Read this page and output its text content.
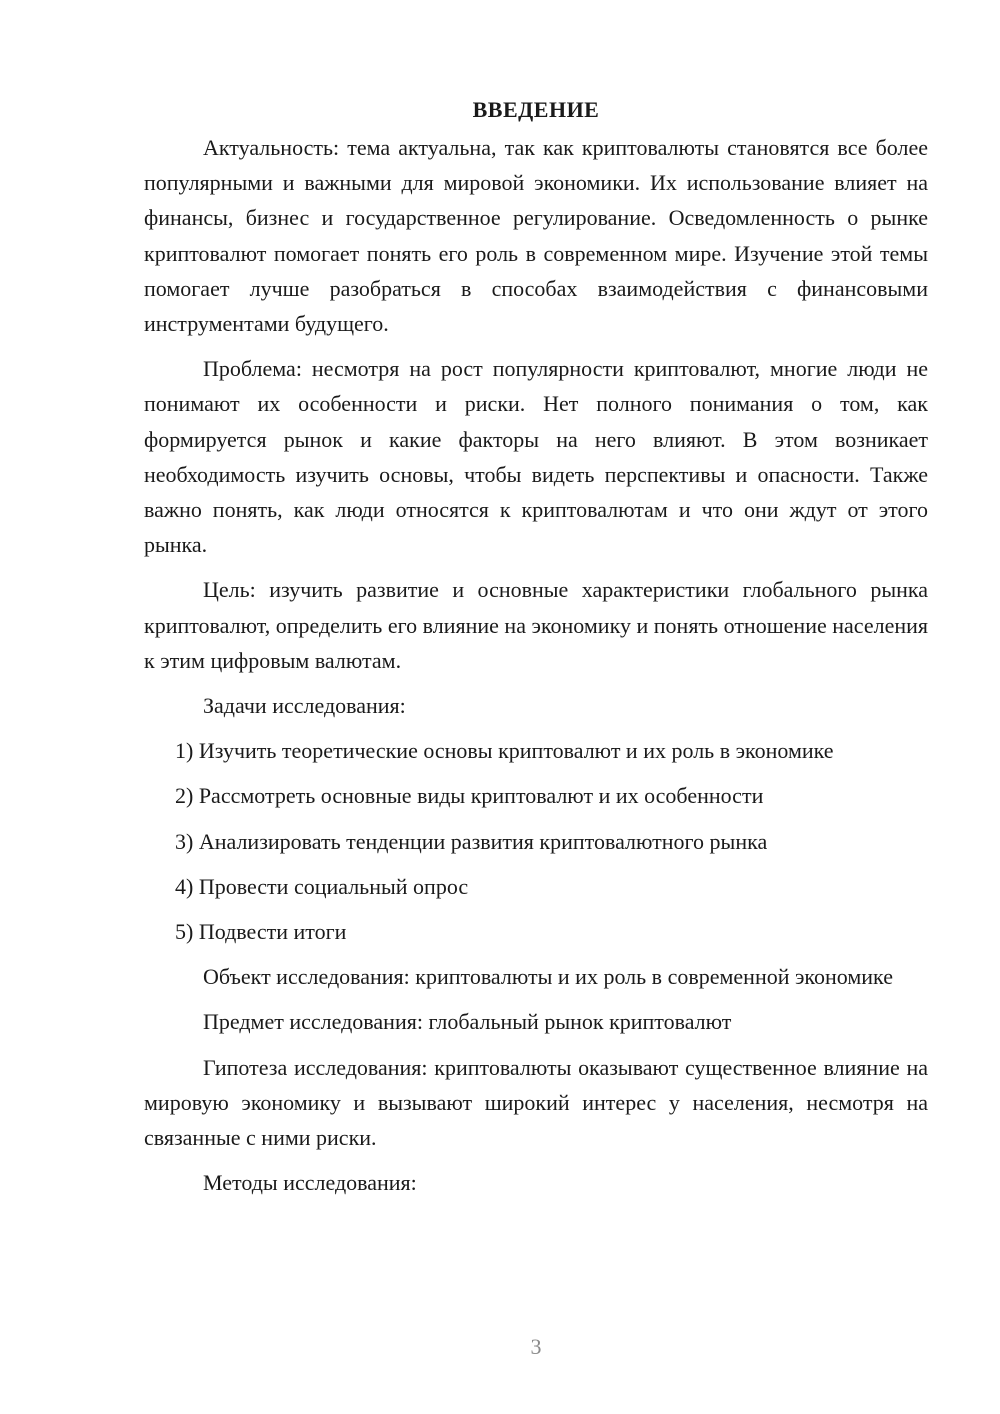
ВВЕДЕНИЕ

Актуальность: тема актуальна, так как криптовалюты становятся все более популярными и важными для мировой экономики. Их использование влияет на финансы, бизнес и государственное регулирование. Осведомленность о рынке криптовалют помогает понять его роль в современном мире. Изучение этой темы помогает лучше разобраться в способах взаимодействия с финансовыми инструментами будущего.

Проблема: несмотря на рост популярности криптовалют, многие люди не понимают их особенности и риски. Нет полного понимания о том, как формируется рынок и какие факторы на него влияют. В этом возникает необходимость изучить основы, чтобы видеть перспективы и опасности. Также важно понять, как люди относятся к криптовалютам и что они ждут от этого рынка.

Цель: изучить развитие и основные характеристики глобального рынка криптовалют, определить его влияние на экономику и понять отношение населения к этим цифровым валютам.

Задачи исследования:

1) Изучить теоретические основы криптовалют и их роль в экономике
2) Рассмотреть основные виды криптовалют и их особенности
3) Анализировать тенденции развития криптовалютного рынка
4) Провести социальный опрос
5) Подвести итоги

Объект исследования: криптовалюты и их роль в современной экономике

Предмет исследования: глобальный рынок криптовалют

Гипотеза исследования: криптовалюты оказывают существенное влияние на мировую экономику и вызывают широкий интерес у населения, несмотря на связанные с ними риски.

Методы исследования:

3
